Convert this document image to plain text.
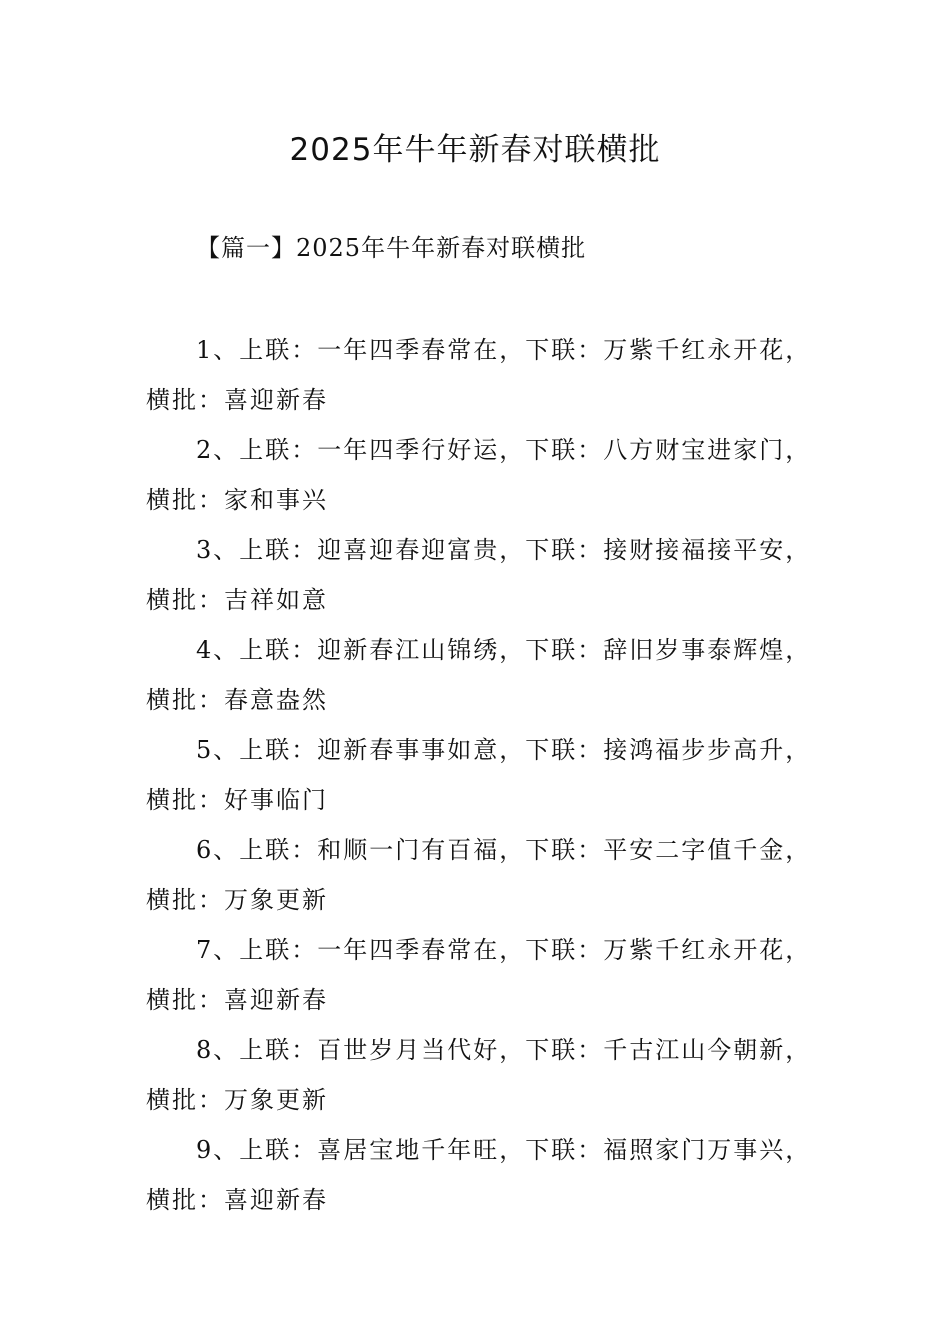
2025年牛年新春对联横批
【篇一】2025年牛年新春对联横批
1、上联：一年四季春常在，下联：万紫千红永开花，
横批：喜迎新春
2、上联：一年四季行好运，下联：八方财宝进家门，
横批：家和事兴
3、上联：迎喜迎春迎富贵，下联：接财接福接平安，
横批：吉祥如意
4、上联：迎新春江山锦绣，下联：辞旧岁事泰辉煌，
横批：春意盎然
5、上联：迎新春事事如意，下联：接鸿福步步高升，
横批：好事临门
6、上联：和顺一门有百福，下联：平安二字值千金，
横批：万象更新
7、上联：一年四季春常在，下联：万紫千红永开花，
横批：喜迎新春
8、上联：百世岁月当代好，下联：千古江山今朝新，
横批：万象更新
9、上联：喜居宝地千年旺，下联：福照家门万事兴，
横批：喜迎新春
